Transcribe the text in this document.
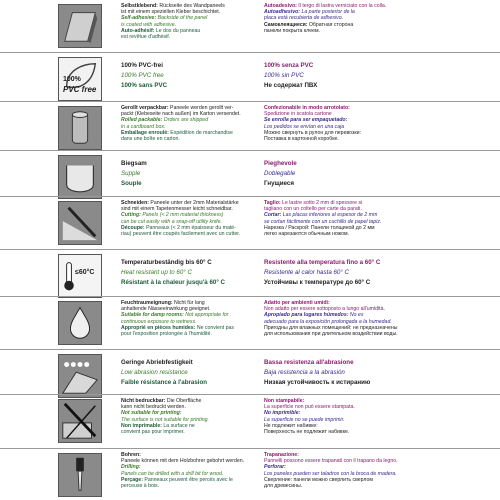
Selbstklebend: Rückseite des Wandpaneels
ist mit einem speziellen Kleber beschichtet.
Self-adhesive: Backside of the panel
is coated with adhesive.
Auto-adhésif: Le dos du panneau
est revêtue d'adhésif.
Autoadesivo: Il tergo di lastra verniciato con la colla.
Autoadhesivo: La parte posterior de la
placa está recubierta de adhesivo.
Самоклеящиеся: Обратная сторона
панели покрыта клеем.
100%
PVC free
100% PVC-frei
100% PVC free
100% sans PVC
100% senza PVC
100% sin PVC
Не содержат ПВХ
Gerollt verpackbar: Paneele werden gerollt ver-
packt (Klebeseite nach außen) im Karton versendet.
Rolled packable: Orders are shipped
in a cardboard box.
Emballage enroulé: Expédition de marchandise
dans une boîte en carton.
Confezionabile in modo arrotolato:
Spedizione in scatola cartone
Se enrolla para ser empaquetado:
Los pedidos se envían en una caja
Можно свернуть в рулон для перевозки:
Поставка в картонной коробке.
Biegsam
Supple
Souple
Pieghevole
Doblegable
Гнущиеся
Schneiden: Paneele unter der 2mm Materialstärke
sind mit einem Tapetenmesser leicht schneidbar.
Cutting: Panels (< 2 mm material thickness)
can be cut easily with a snap-off utility knife.
Découpe: Panneaux (< 2 mm épaisseur du maté-
riau) peuvent être coupés facilement avec un cutter.
Taglio: Le lastre sotto 2 mm di spessore si
tagliano con un coltello per carte da parati.
Cortar: Las placas inferiores al espesor de 2 mm
se cortan fácilmente con un cuchillo de papel tapiz.
Нарезка / Раскрой: Панели толщиной до 2 мм
легко нарезаются обычным ножом.
≤60°C
Temperaturbeständig bis 60° C
Heat resistant up to 60° C
Résistant à la chaleur jusqu'à 60° C
Resistente alla temperatura fino a 60° C
Resistente al calor hasta 60° C
Устойчивы к температуре до 60° С
Feuchtraumeignung: Nicht für lang
anhaltende Nässeeinwirkung geeignet.
Suitable for damp rooms: Not appropriate for
continuous exposure to wetness.
Approprié en pièces humides: Ne convient pas
pour l'exposition prolongée à l'humidité.
Adatto per ambienti umidi:
Non adatto per essere sottoposto a lungo all'umidità.
Apropiado para lugares húmedos: No es
adecuado para la exposición prolongada a la humedad.
Пригодны для влажных помещений: не предназначены
для использования при длительном воздействии воды.
Geringe Abriebfestigkeit
Low abrasion resistance
Faible résistance à l'abrasion
Bassa resistenza all'abrasione
Baja resistencia a la abrasión
Низкая устойчивость к истиранию
Nicht bedruckbar: Die Oberfläche
kann nicht bedruckt werden.
Not suitable for printing:
The surface is not suitable for printing.
Non imprimable: La surface ne
convient pas pour imprimer.
Non stampabile:
La superficie non può essere stampata.
No imprimible:
La superficie no se puede imprimir.
Не подлежит набивке:
Поверхность не подлежит набивке.
Bohren:
Paneele können mit dem Holzbohrer gebohrt werden.
Drilling:
Panels can be drilled with a drill bit for wood.
Perçage: Panneaux peuvent être percés avec le
perceuse à bois.
Trapanazione:
Pannelli possono essere trapanati con il trapano da legno.
Perforar:
Los paneles pueden ser taladros con la broca de madera.
Сверление: панели можно сверлить сверлом
для древесины.
